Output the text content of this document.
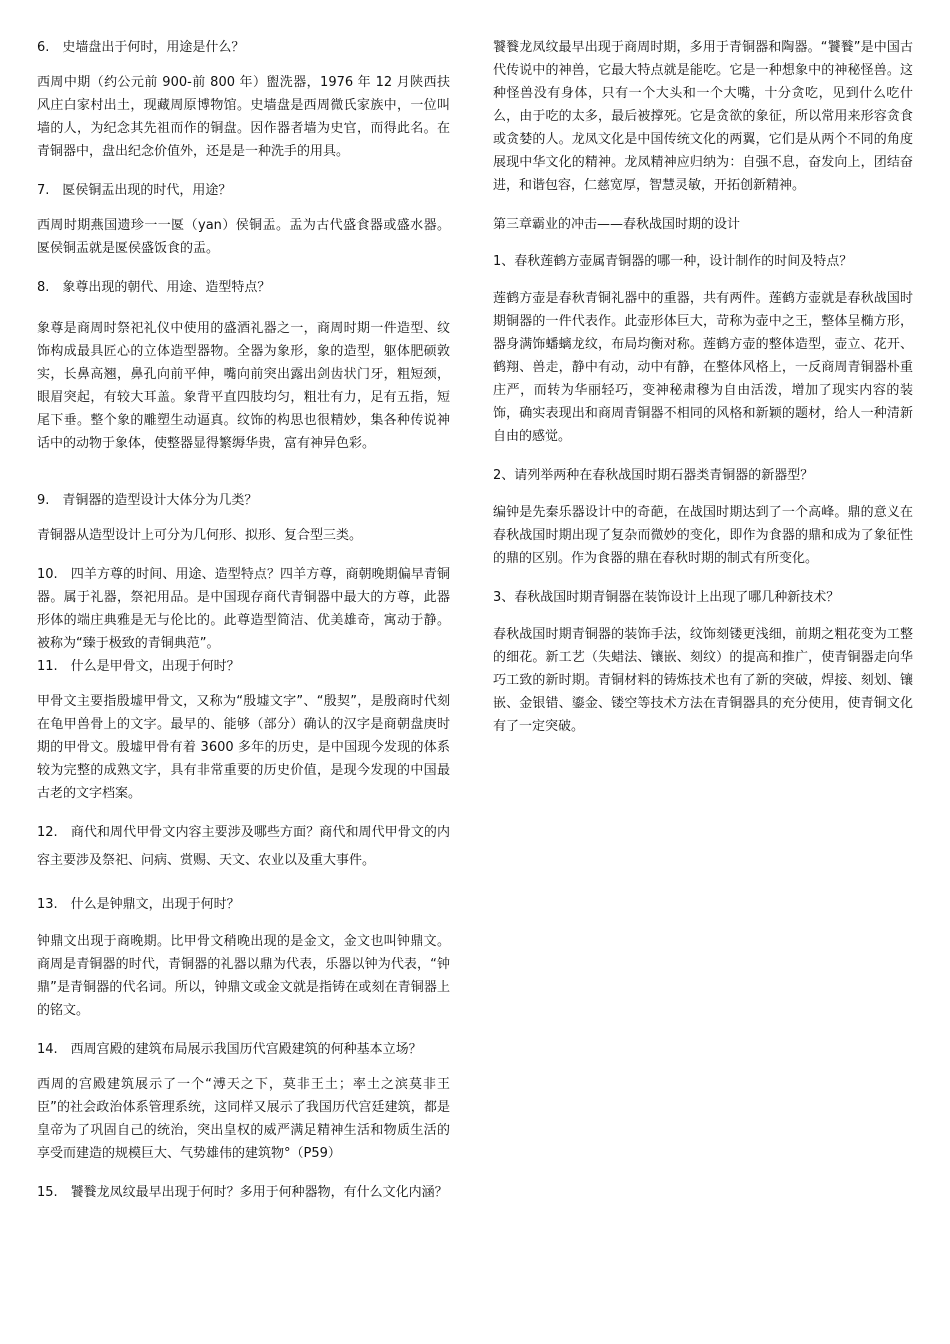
6.　史墙盘出于何时，用途是什么？

西周中期（约公元前 900-前 800 年）盥洗器，1976 年 12 月陕西扶风庄白家村出土，现藏周原博物馆。史墙盘是西周微氏家族中，一位叫墙的人，为纪念其先祖而作的铜盘。因作器者墙为史官，而得此名。在青铜器中，盘出纪念价值外，还是是一种洗手的用具。

7.　匽侯铜盂出现的时代，用途？

西周时期燕国遗珍一一匽（yan）侯铜盂。盂为古代盛食器或盛水器。匽侯铜盂就是匽侯盛饭食的盂。

8.　象尊出现的朝代、用途、造型特点？

象尊是商周时祭祀礼仪中使用的盛酒礼器之一，商周时期一件造型、纹饰构成最具匠心的立体造型器物。全器为象形，象的造型，躯体肥硕敦实，长鼻高翘，鼻孔向前平伸，嘴向前突出露出剑齿状门牙，粗短颈，眼眉突起，有较大耳盖。象背平直四肢均匀，粗壮有力，足有五指，短尾下垂。整个象的雕塑生动逼真。纹饰的构思也很精妙，集各种传说神话中的动物于象体，使整器显得繁缛华贵，富有神异色彩。

9.　青铜器的造型设计大体分为几类？

青铜器从造型设计上可分为几何形、拟形、复合型三类。

10.　四羊方尊的时间、用途、造型特点？四羊方尊，商朝晚期偏早青铜器。属于礼器，祭祀用品。是中国现存商代青铜器中最大的方尊，此器形体的端庄典雅是无与伦比的。此尊造型简洁、优美雄奇，寓动于静。被称为“臻于极致的青铜典范”。

11.　什么是甲骨文，出现于何时？

甲骨文主要指殷墟甲骨文，又称为“殷墟文字”、“殷契”，是殷商时代刻在龟甲兽骨上的文字。最早的、能够（部分）确认的汉字是商朝盘庚时期的甲骨文。殷墟甲骨有着 3600 多年的历史，是中国现今发现的体系较为完整的成熟文字，具有非常重要的历史价值，是现今发现的中国最古老的文字档案。

12.　商代和周代甲骨文内容主要涉及哪些方面？商代和周代甲骨文的内容主要涉及祭祀、问病、赏赐、天文、农业以及重大事件。

13.　什么是钟鼎文，出现于何时？

钟鼎文出现于商晚期。比甲骨文稍晚出现的是金文，金文也叫钟鼎文。商周是青铜器的时代，青铜器的礼器以鼎为代表，乐器以钟为代表，“钟鼎”是青铜器的代名词。所以，钟鼎文或金文就是指铸在或刻在青铜器上的铭文。

14.　西周宫殿的建筑布局展示我国历代宫殿建筑的何种基本立场？

西周的宫殿建筑展示了一个“溥天之下，莫非王土；率土之滨莫非王臣”的社会政治体系管理系统，这同样又展示了我国历代宫廷建筑，都是皇帝为了巩固自己的统治，突出皇权的威严满足精神生活和物质生活的享受而建造的规模巨大、气势雄伟的建筑物°（P59）

15.　饕餮龙凤纹最早出现于何时？多用于何种器物，有什么文化内涵？

饕餮龙凤纹最早出现于商周时期，多用于青铜器和陶器。“饕餮”是中国古代传说中的神兽，它最大特点就是能吃。它是一种想象中的神秘怪兽。这种怪兽没有身体，只有一个大头和一个大嘴，十分贪吃，见到什么吃什么，由于吃的太多，最后被撑死。它是贪欲的象征，所以常用来形容贪食或贪婪的人。龙凤文化是中国传统文化的两翼，它们是从两个不同的角度展现中华文化的精神。龙凤精神应归纳为：自强不息，奋发向上，团结奋进，和谐包容，仁慈宽厚，智慧灵敏，开拓创新精神。

第三章霸业的冲击——春秋战国时期的设计

1、春秋莲鹤方壶属青铜器的哪一种，设计制作的时间及特点？

莲鹤方壶是春秋青铜礼器中的重器，共有两件。莲鹤方壶就是春秋战国时期铜器的一件代表作。此壶形体巨大，苛称为壶中之王，整体呈椭方形，器身满饰蟠螭龙纹，布局均衡对称。莲鹤方壶的整体造型，壶立、花开、鹤翔、兽走，静中有动，动中有静，在整体风格上，一反商周青铜器朴重庄严，而转为华丽轻巧，变神秘肃穆为自由活泼，增加了现实内容的装饰，确实表现出和商周青铜器不相同的风格和新颖的题材，给人一种清新自由的感觉。

2、请列举两种在春秋战国时期石器类青铜器的新器型？

编钟是先秦乐器设计中的奇葩，在战国时期达到了一个高峰。鼎的意义在春秋战国时期出现了复杂而微妙的变化，即作为食器的鼎和成为了象征性的鼎的区别。作为食器的鼎在春秋时期的制式有所变化。

3、春秋战国时期青铜器在装饰设计上出现了哪几种新技术？

春秋战国时期青铜器的装饰手法，纹饰刻镂更浅细，前期之粗花变为工整的细花。新工艺（失蜡法、镶嵌、刻纹）的提高和推广，使青铜器走向华巧工致的新时期。青铜材料的铸炼技术也有了新的突破，焊接、刻划、镶嵌、金银错、鎏金、镂空等技术方法在青铜器具的充分使用，使青铜文化有了一定突破。
